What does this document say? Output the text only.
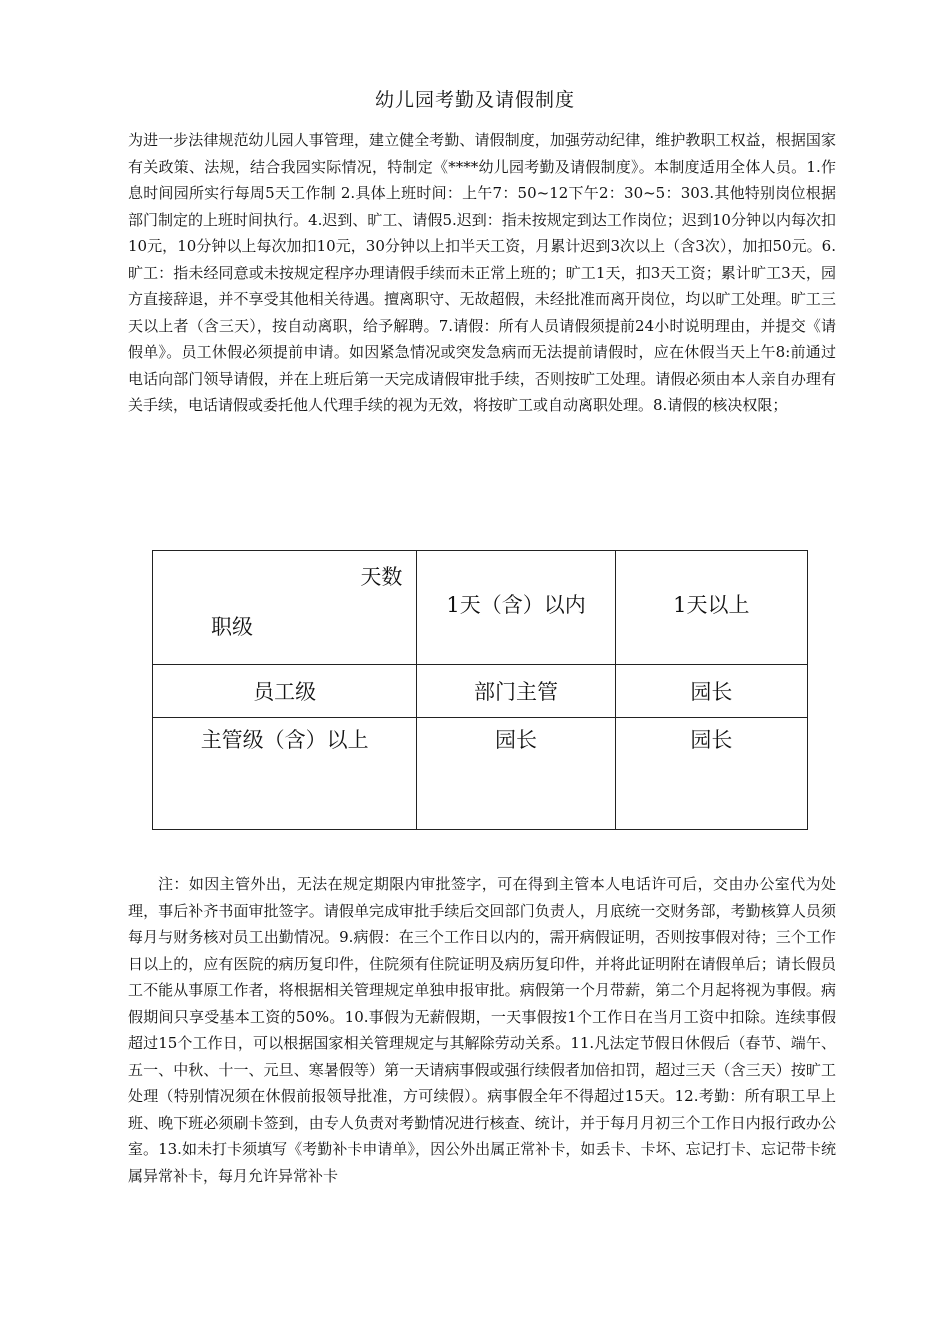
幼儿园考勤及请假制度

为进一步法律规范幼儿园人事管理，建立健全考勤、请假制度，加强劳动纪律，维护教职工权益，根据国家有关政策、法规，结合我园实际情况，特制定《****幼儿园考勤及请假制度》。本制度适用全体人员。1.作息时间园所实行每周5天工作制 2.具体上班时间：上午7：50~12下午2：30~5：303.其他特别岗位根据部门制定的上班时间执行。4.迟到、旷工、请假5.迟到：指未按规定到达工作岗位；迟到10分钟以内每次扣10元，10分钟以上每次加扣10元，30分钟以上扣半天工资，月累计迟到3次以上（含3次），加扣50元。6.旷工：指未经同意或未按规定程序办理请假手续而未正常上班的；旷工1天，扣3天工资；累计旷工3天，园方直接辞退，并不享受其他相关待遇。擅离职守、无故超假，未经批准而离开岗位，均以旷工处理。旷工三天以上者（含三天），按自动离职，给予解聘。7.请假：所有人员请假须提前24小时说明理由，并提交《请假单》。员工休假必须提前申请。如因紧急情况或突发急病而无法提前请假时，应在休假当天上午8:前通过电话向部门领导请假，并在上班后第一天完成请假审批手续，否则按旷工处理。请假必须由本人亲自办理有关手续，电话请假或委托他人代理手续的视为无效，将按旷工或自动离职处理。8.请假的核决权限；

天数
职级	1天（含）以内	1天以上
员工级	部门主管	园长
主管级（含）以上	园长	园长

注：如因主管外出，无法在规定期限内审批签字，可在得到主管本人电话许可后，交由办公室代为处理，事后补齐书面审批签字。请假单完成审批手续后交回部门负责人，月底统一交财务部，考勤核算人员须每月与财务核对员工出勤情况。9.病假：在三个工作日以内的，需开病假证明，否则按事假对待；三个工作日以上的，应有医院的病历复印件，住院须有住院证明及病历复印件，并将此证明附在请假单后；请长假员工不能从事原工作者，将根据相关管理规定单独申报审批。病假第一个月带薪，第二个月起将视为事假。病假期间只享受基本工资的50%。10.事假为无薪假期，一天事假按1个工作日在当月工资中扣除。连续事假超过15个工作日，可以根据国家相关管理规定与其解除劳动关系。11.凡法定节假日休假后（春节、端午、五一、中秋、十一、元旦、寒暑假等）第一天请病事假或强行续假者加倍扣罚，超过三天（含三天）按旷工处理（特别情况须在休假前报领导批准，方可续假）。病事假全年不得超过15天。12.考勤：所有职工早上班、晚下班必须刷卡签到，由专人负责对考勤情况进行核查、统计，并于每月月初三个工作日内报行政办公室。13.如未打卡须填写《考勤补卡申请单》，因公外出属正常补卡，如丢卡、卡坏、忘记打卡、忘记带卡统属异常补卡，每月允许异常补卡
